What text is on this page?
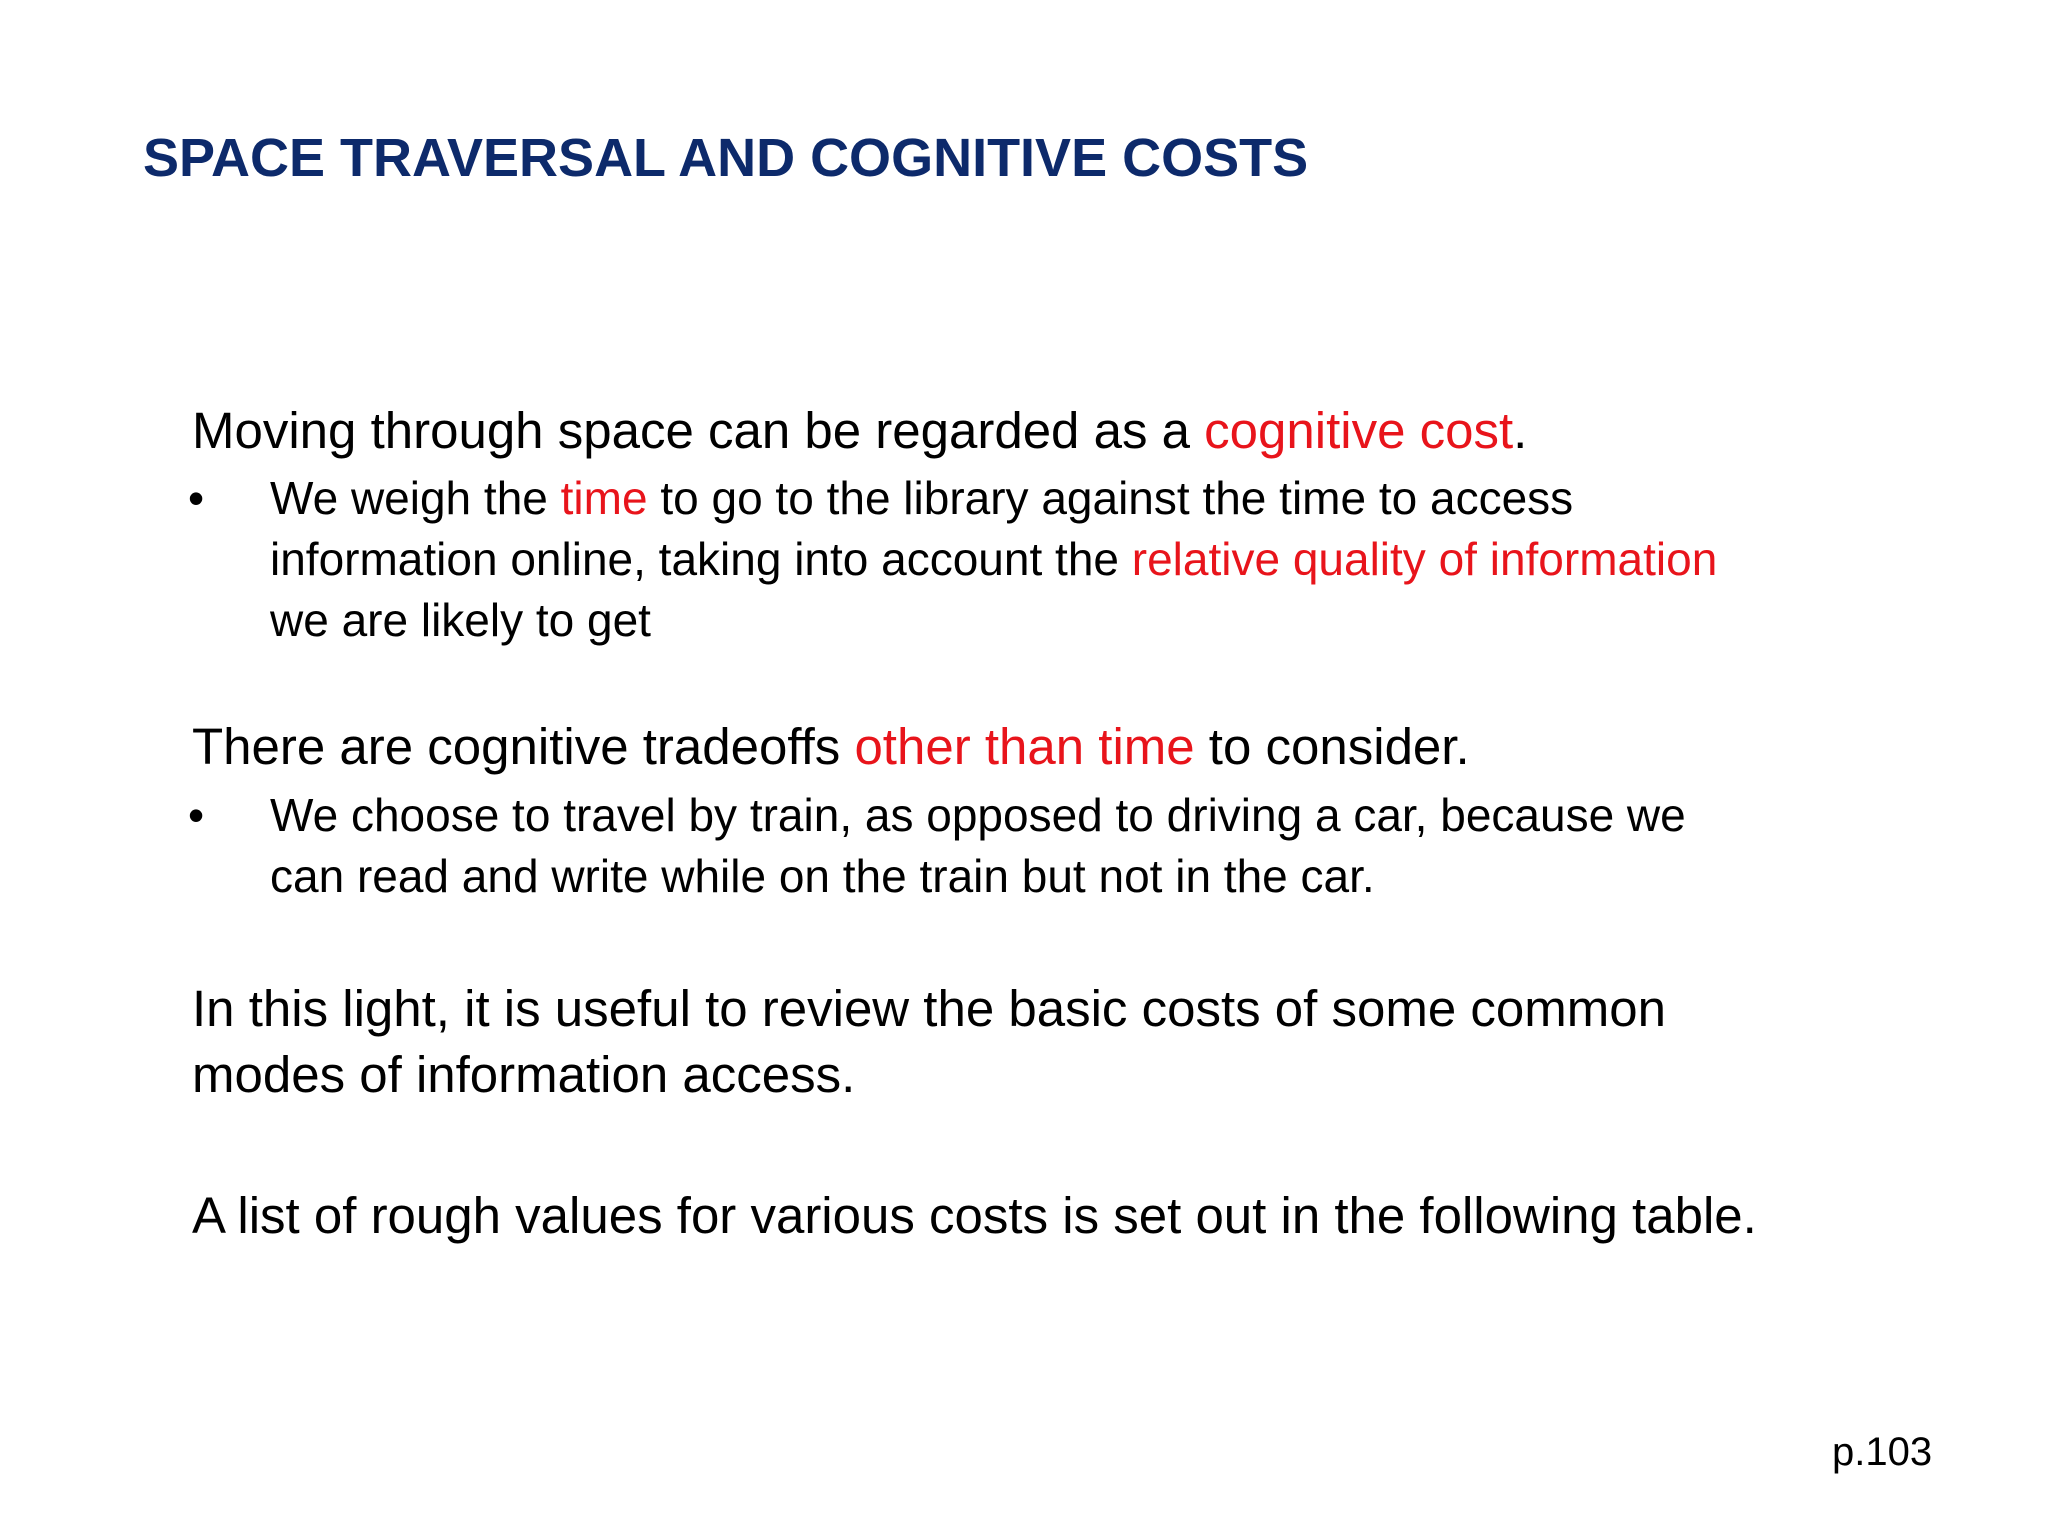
SPACE TRAVERSAL AND COGNITIVE COSTS
Moving through space can be regarded as a cognitive cost.
•	We weigh the time to go to the library against the time to access
information online, taking into account the relative quality of information
we are likely to get
There are cognitive tradeoffs other than time to consider.
•	We choose to travel by train, as opposed to driving a car, because we
can read and write while on the train but not in the car.
In this light, it is useful to review the basic costs of some common
modes of information access.
A list of rough values for various costs is set out in the following table.
p.103
